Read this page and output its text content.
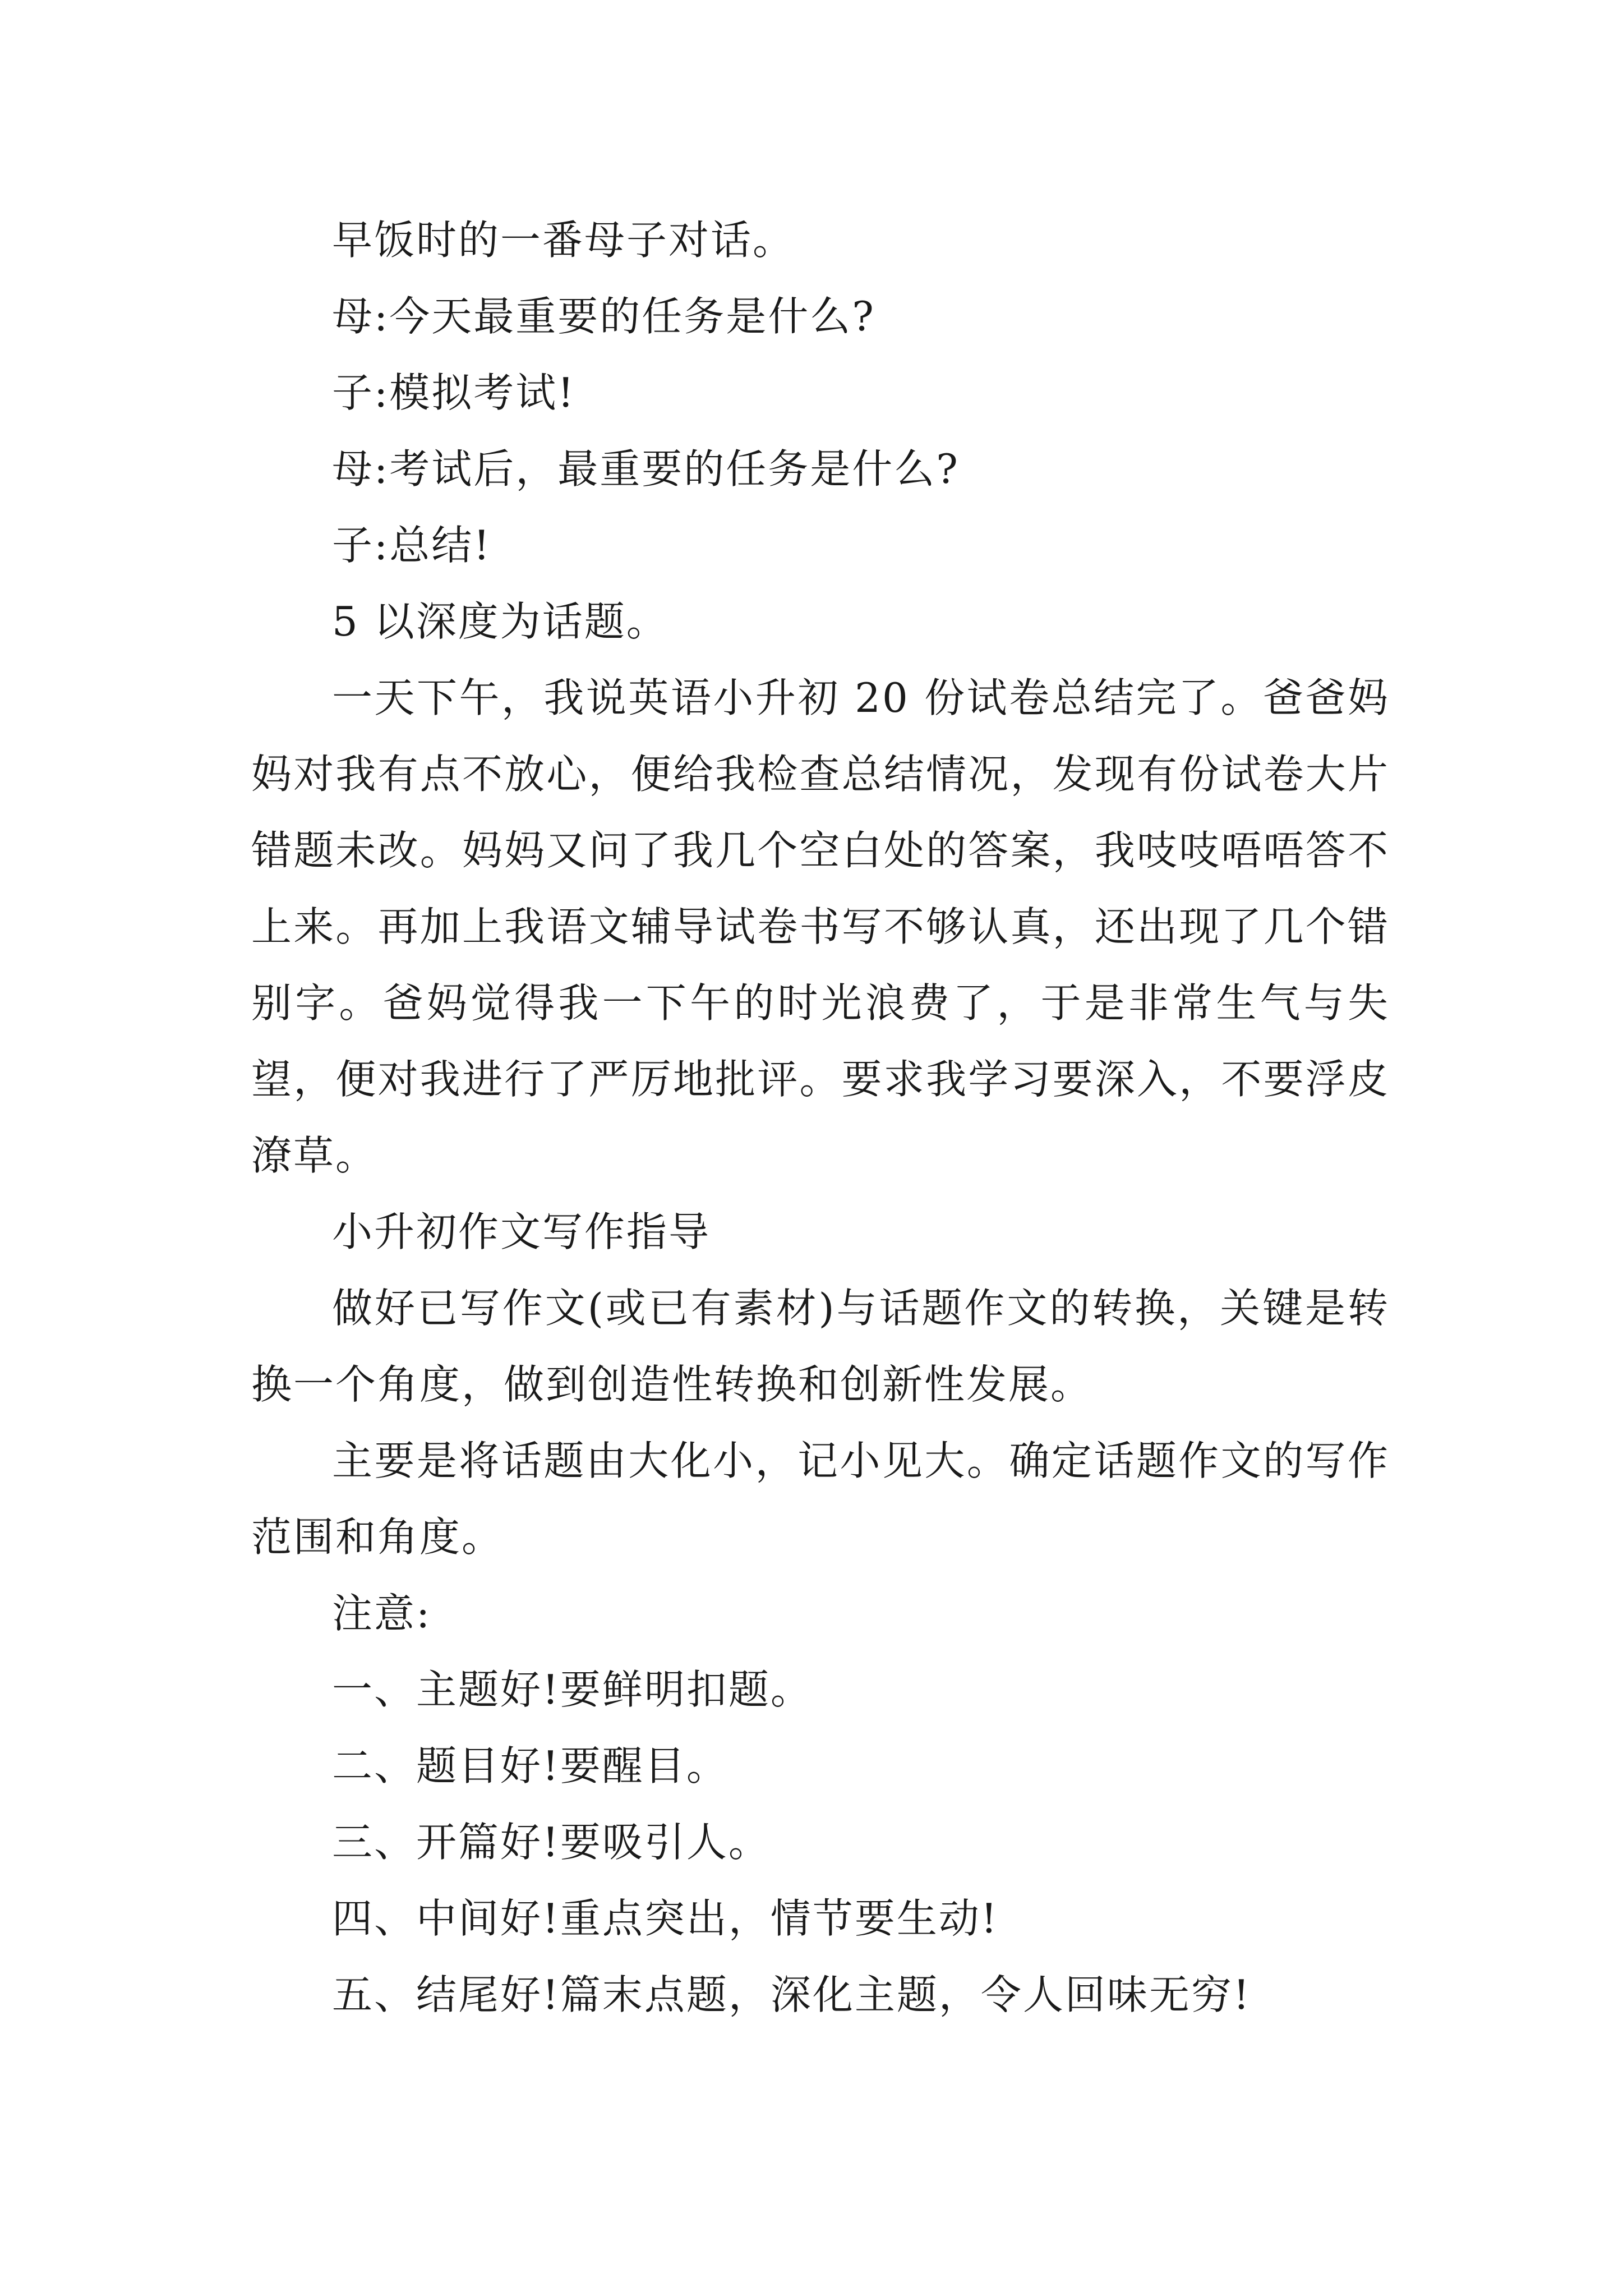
早饭时的一番母子对话。

母:今天最重要的任务是什么?

子:模拟考试!

母:考试后，最重要的任务是什么?

子:总结!

5 以深度为话题。

一天下午，我说英语小升初 20 份试卷总结完了。爸爸妈妈对我有点不放心，便给我检查总结情况，发现有份试卷大片错题未改。妈妈又问了我几个空白处的答案，我吱吱唔唔答不上来。再加上我语文辅导试卷书写不够认真，还出现了几个错别字。爸妈觉得我一下午的时光浪费了，于是非常生气与失望，便对我进行了严厉地批评。要求我学习要深入，不要浮皮潦草。

小升初作文写作指导

做好已写作文(或已有素材)与话题作文的转换，关键是转换一个角度，做到创造性转换和创新性发展。

主要是将话题由大化小，记小见大。确定话题作文的写作范围和角度。

注意:

一、主题好!要鲜明扣题。

二、题目好!要醒目。

三、开篇好!要吸引人。

四、中间好!重点突出，情节要生动!

五、结尾好!篇末点题，深化主题，令人回味无穷!
